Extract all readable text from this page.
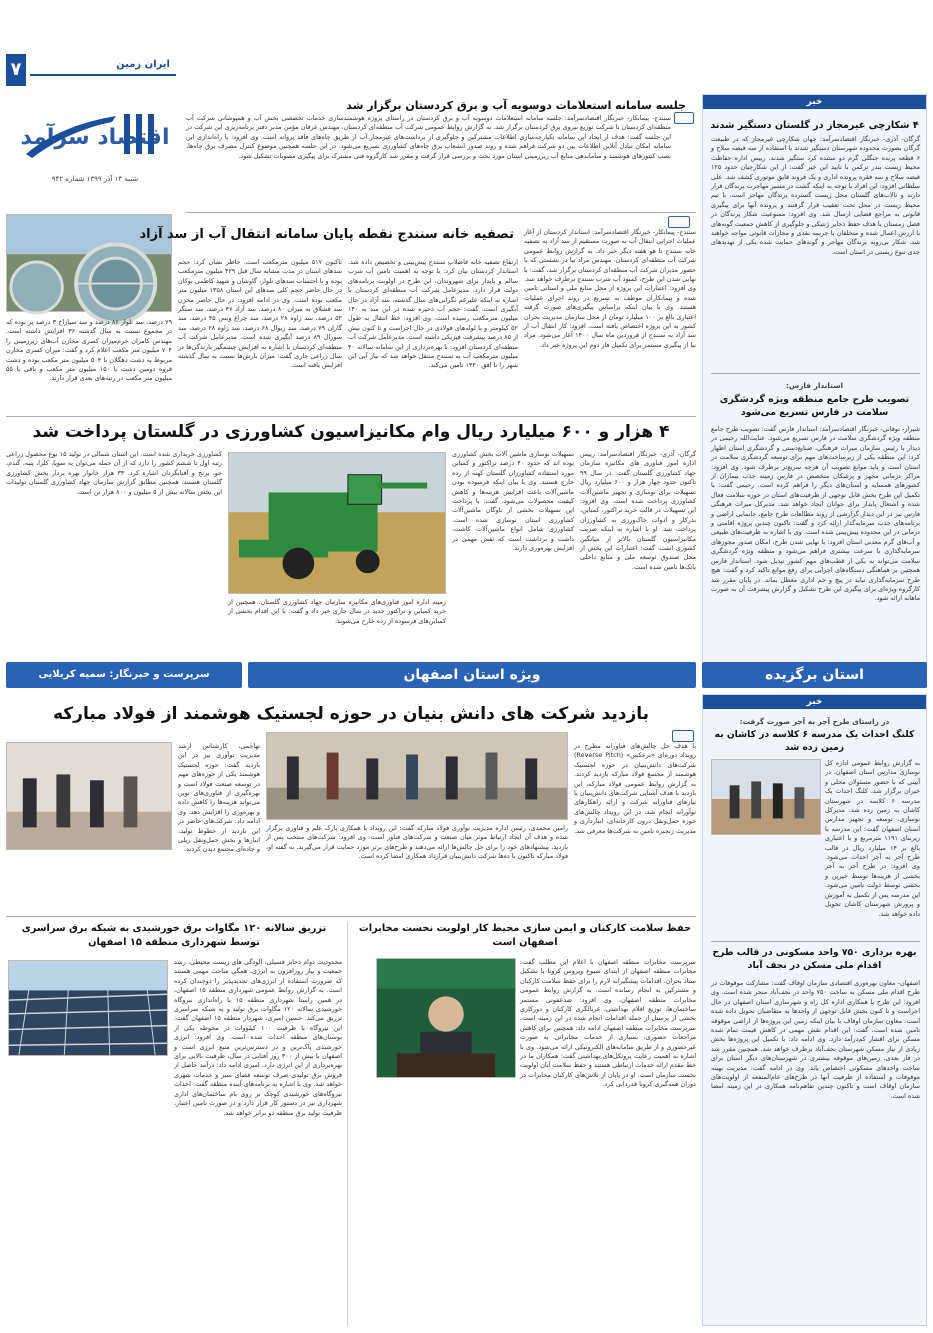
۷	ایران زمین
اقتصاد سرآمد
شنبه ۱۴ آذر ۱۳۹۹ شماره ۹۴۲
خبر
۴ شکارچی غیرمجاز در گلستان دستگیر شدند
گرگان- آذری- خبرنگار اقتصادسرآمد: جهان شکارچی غیرمجاز که در طبیعت گرگان بصورت محدوده شهرستان دستگیر شدند با استفاده از سه قبضه سلاح و ۶ قطعه پرنده جنگلی گرم دو ستنده کرد ستگیر شدند. رییس اداره حفاظت محیط زیست بندر ترکمن با تایید این خبر گفت: از این شکارچیان حدود ۱۲۵ قبضه سلاح و سه فقره پرونده اداری و یک فروند قایق موتوری کشف شد. علی سلطانی افزود: این افراد با توجه به اینکه گشت در مسیر مهاجرت پرندگان قرار دارند و تالاب‌های گلستان محل زیست گسترده پرندگان مهاجر است، با تیم محیط زیست در محل تحت تعقیب قرار گرفتند و پرونده آنها برای پیگیری قانونی به مراجع قضایی ارسال شد. وی افزود: ممنوعیت شکار پرندگان در فصل زمستان با هدف حفظ ذخایر ژنتیکی و جلوگیری از کاهش جمعیت گونه‌های با ارزش اعمال شده و متخلفان با جریمه نقدی و مجازات قانونی مواجه خواهند شد. شکار بی‌رویه پرندگان مهاجر و گونه‌های حمایت شده یکی از تهدیدهای جدی تنوع زیستی در استان است.
استاندار فارس:
تصویب طرح جامع منطقه ویژه گردشگری سلامت در فارس تسریع می‌شود
شیراز- توفانی- خبرنگار اقتصادسرآمد: استاندار فارس گفت: تصویب طرح جامع منطقه ویژه گردشگری سلامت در فارس تسریع می‌شود. عنایت‌الله رحیمی در دیدار با رئیس سازمان میراث فرهنگی، صنایع‌دستی و گردشگری استان اظهار کرد: این منطقه یکی از زیرساخت‌های مهم برای توسعه گردشگری سلامت در استان است و باید موانع تصویب آن هرچه سریع‌تر برطرف شود. وی افزود: مراکز درمانی مجهز و پزشکان متخصص در فارس زمینه جذب بیماران از کشورهای همسایه و استان‌های دیگر را فراهم کرده است. رحیمی گفت: با تکمیل این طرح بخش قابل توجهی از ظرفیت‌های استان در حوزه سلامت فعال شده و اشتغال پایدار برای جوانان ایجاد خواهد شد. مدیرکل میراث فرهنگی فارس نیز در این دیدار گزارشی از روند مطالعات طرح جامع، جانمایی اراضی و برنامه‌های جذب سرمایه‌گذار ارائه کرد و گفت: تاکنون چندین پروژه اقامتی و درمانی در این محدوده پیش‌بینی شده است. وی با اشاره به ظرفیت‌های طبیعی و آب‌های گرم معدنی استان افزود: با نهایی شدن طرح، امکان صدور مجوزهای سرمایه‌گذاری با سرعت بیشتری فراهم می‌شود و منطقه ویژه گردشگری سلامت می‌تواند به یکی از قطب‌های مهم کشور تبدیل شود. استاندار فارس همچنین بر هماهنگی دستگاه‌های اجرایی برای رفع موانع تاکید کرد و گفت: هیچ طرح سرمایه‌گذاری نباید در پیچ و خم اداری معطل بماند. در پایان مقرر شد کارگروه ویژه‌ای برای پیگیری این طرح تشکیل و گزارش پیشرفت آن به صورت ماهانه ارائه شود.
جلسه سامانه استعلامات دوسویه آب و برق کردستان برگزار شد
سنندج- پیمانکار- خبرنگار اقتصادسرآمد: جلسه سامانه استعلامات دوسویه آب و برق کردستان در راستای پروژه هوشمندسازی خدمات تخصصی بخش آب و همپوشانی شرکت آب منطقه‌ای کردستان با شرکت توزیع نیروی برق کردستان برگزار شد. به گزارش روابط عمومی شرکت آب منطقه‌ای کردستان، مهندس عرفان مؤمن مدیر دفتر برنامه‌ریزی این شرکت در این جلسه گفت: هدف از ایجاد این سامانه یکپارچه‌سازی اطلاعات مشترکین و جلوگیری از برداشت‌های غیرمجاز آب از طریق چاه‌های فاقد پروانه است. وی افزود: با راه‌اندازی این سامانه امکان تبادل آنلاین اطلاعات بین دو شرکت فراهم شده و روند صدور انشعاب برق چاه‌های کشاورزی تسریع می‌شود. در این جلسه همچنین موضوع کنترل مصرف برق چاه‌ها، نصب کنتورهای هوشمند و ساماندهی منابع آب زیرزمینی استان مورد بحث و بررسی قرار گرفت و مقرر شد کارگروه فنی مشترک برای پیگیری مصوبات تشکیل شود.
تصفیه خانه سنندج نقطه پایان سامانه انتقال آب از سد آزاد سنندج- پیمانکار- خبرنگار اقتصادسرآمد: استاندار کردستان از آغاز عملیات اجرایی انتقال آب به صورت مستقیم از سد آزاد به تصفیه خانه سنندج تا هو هفته دیگر خبر داد. به گزارش روابط عمومی شرکت آب منطقه‌ای کردستان، مهندس مراد نیا در نشستی که با حضور مدیران شرکت آب منطقه‌ای کردستان برگزار شد، گفت: با نهایی شدن این طرح، کمبود آب شرب سنندج برطرف خواهد شد. وی افزود: اعتبارات این پروژه از محل منابع ملی و استانی تامین شده و پیمانکاران موظف به تسریع در روند اجرای عملیات هستند. وی با بیان اینکه براساس پیگیری‌های صورت گرفته اعتباری بالغ بر ۱۰۰ میلیارد تومان از محل سازمان مدیریت بحران کشور به این پروژه اختصاص یافته است، افزود: کار انتقال آب از سد آزاد به سنندج از فروردین ماه سال ۱۴۰۰ آغاز می‌شود. مراد نیا از پیگیری مستمر برای تکمیل فاز دوم این پروژه خبر داد.
ارتفاع تصفیه خانه فاضلاب سنندج پیش‌بینی و تخصیص داده شد. استاندار کردستان بیان کرد: با توجه به اهمیت تامین آب شرب سالم و پایدار برای شهروندان، این طرح در اولویت برنامه‌های دولت قرار دارد. مدیرعامل شرکت آب منطقه‌ای کردستان با اشاره به اینکه علیرغم نگرانی‌های سال گذشته، سد آزاد در حال آبگیری است، گفت: حجم آب ذخیره شده در این سد به ۱۴۰ میلیون مترمکعب رسیده است. وی افزود: خط انتقال به طول ۵۲ کیلومتر و با لوله‌های فولادی در حال اجراست و تا کنون بیش از ۸۵ درصد پیشرفت فیزیکی داشته است. مدیرعامل شرکت آب منطقه‌ای کردستان افزود: با بهره‌برداری از این سامانه سالانه ۴۰ میلیون مترمکعب آب به سنندج منتقل خواهد شد که نیاز آبی این شهر را تا افق ۱۴۲۰ تامین می‌کند.
تاکنون ۵۱۷ میلیون مترمکعب است. خاطر نشان کرد: حجم سدهای استان در مدت مشابه سال قبل ۴۲۹ میلیون مترمکعب بوده و با احتساب سدهای تلوار، گاوشان و شهید کاظمی بوکان در حال حاضر حجم کلی سدهای این استان ۱۳۵۸ میلیون متر مکعب بوده است. وی در ادامه افزود: در حال حاضر مخزن سد قشلاق به میزان ۸۰ درصد، سد آزاد ۴۷ درصد، سد سنگر ۵۲ درصد، سد ژاوه ۲۸ درصد، سد چراغ ویس ۴۵ درصد، سد گاران ۷۹ درصد، سد زیوال ۶۸ درصد، سد ژاوه ۲۸ درصد، سد سورال ۸۹ درصد آبگیری شده است. مدیرعامل شرکت آب منطقه‌ای کردستان با اشاره به افزایش چشمگیر بارندگی‌ها در سال زراعی جاری گفت: میزان بارش‌ها نسبت به سال گذشته افزایش یافته است.
۷۹ درصد، سد تلوار ۸۶ درصد و سد سیازاخ ۳ درصد پر بوده که در مجموع نسبت به سال گذشته ۳۶ افزایش داشته است. مهندس کامران خرم‌میزان کسری مخازن آب‌های زیرزمینی را ۷۰۴ میلیون متر مکعب اعلام کرد و گفت: میزان کسری مخازن مربوط به دشت دهگلان با ۵۰۴ میلیون متر مکعب بوده و دشت قروه دومین دشت با ۱۵۰ میلیون متر مکعب و باقی با ۵۵ میلیون متر مکعب در رتبه‌های بعدی قرار دارند.
۴ هزار و ۶۰۰ میلیارد ریال وام مکانیزاسیون کشاورزی در گلستان پرداخت شد
گرگان- آذری- خبرنگار اقتصادسرآمد: رییس اداره امور فناوری های مکانیزه سازمان جهاد کشاورزی گلستان گفت: در سال ۹۹ تاکنون حدود چهار هزار و ۶۰۰ میلیارد ریال تسهیلات برای نوسازی و تجهیز ماشین‌آلات کشاورزی پرداخت شده است. وی افزود: این تسهیلات در قالب خرید تراکتور، کمباین، بذرکار و ادوات خاک‌ورزی به کشاورزان پرداخت شد. او با اشاره به اینکه ضریب مکانیزاسیون گلستان بالاتر از میانگین کشوری است، گفت: اعتبارات این بخش از محل صندوق توسعه ملی و منابع داخلی بانک‌ها تامین شده است.
تسهیلات نوسازی ماشین آلات بخش کشاورزی بوده اند که حدود ۴۰ درصد تراکتور و کمباین مورد استفاده کشاورزان گلستان کهنه از رده خارج هستند. وی با بیان اینکه فرسوده بودن ماشین‌آلات باعث افزایش هزینه‌ها و کاهش کیفیت محصولات می‌شود، گفت: با پرداخت این تسهیلات بخشی از ناوگان ماشین‌آلات کشاورزی استان نوسازی شده است. کشاورزی شامل انواع ماشین‌آلات کاشت، داشت و برداشت است که نقش مهمی در افزایش بهره‌وری دارند.
زمینه اداره امور فناوری‌های مکانیزه سازمان جهاد کشاورزی گلستان، همچنین از خرید کمباین و تراکتور جدید در سال جاری خبر داد و گفت: با این اقدام بخشی از کمباین‌های فرسوده از رده خارج می‌شوند.
کشاورزی خریداری شده است. این استان شمالی در تولید ۱۵ نوع محصول زراعی رتبه اول تا ششم کشور را دارد که از آن جمله می‌توان به سویا، کلزا، پنبه، گندم، جو، برنج و آفتابگردان اشاره کرد. ۳۳ هزار خانوار بهره بردار بخش کشاورزی گلستان هستند. همچنین مطابق گزارش سازمان جهاد کشاورزی گلستان تولیدات این بخش سالانه بیش از ۵ میلیون و ۸۰۰ هزار تن است.
استان برگزیده
ویژه استان اصفهان
سرپرست و خبرنگار: سمیه کربلایی
خبر
در راستای طرح آجر به آجر صورت گرفت:
کلنگ احداث یک مدرسه ۶ کلاسه در کاشان به زمین زده شد
به گزارش روابط عمومی اداره کل نوسازی مدارس استان اصفهان، در آیینی که با حضور مسئولان محلی و خیران برگزار شد، کلنگ احداث یک مدرسه ۶ کلاسه در شهرستان کاشان به زمین زده شد. مدیرکل نوسازی، توسعه و تجهیز مدارس استان اصفهان گفت: این مدرسه با زیربنای ۱۱۹۱ مترمربع و با اعتباری بالغ بر ۱۴ میلیارد ریال در قالب طرح آجر به آجر احداث می‌شود. وی افزود: در طرح آجر به آجر بخشی از هزینه‌ها توسط خیرین و بخشی توسط دولت تامین می‌شود. این مدرسه پس از تکمیل به آموزش و پرورش شهرستان کاشان تحویل داده خواهد شد.
بهره برداری ۷۵۰ واحد مسکونی در قالب طرح اقدام ملی مسکن در نجف آباد
اصفهان- معاون بهره‌وری اقتصادی سازمان اوقاف گفت: مشارکت موقوفات در طرح اقدام ملی مسکن به ساخت ۷۵۰ واحد در نجف‌آباد منجر شده است. وی افزود: این طرح با همکاری اداره کل راه و شهرسازی استان اصفهان در حال اجراست و تا کنون بخش قابل توجهی از واحدها به متقاضیان تحویل داده شده است. معاون سازمان اوقاف با بیان اینکه زمین این پروژه‌ها از اراضی موقوفه تامین شده است، گفت: این اقدام نقش مهمی در کاهش قیمت تمام شده مسکن برای اقشار کم‌درآمد دارد. وی ادامه داد: با تکمیل این پروژه‌ها بخش زیادی از نیاز مسکن شهرستان نجف‌آباد برطرف خواهد شد. همچنین مقرر شد در فاز بعدی، زمین‌های موقوفه بیشتری در شهرستان‌های دیگر استان برای ساخت واحدهای مسکونی اختصاص یابد. وی در ادامه گفت: مدیریت بهینه موقوفات و استفاده از ظرفیت آنها در طرح‌های عام‌المنفعه از اولویت‌های سازمان اوقاف است و تاکنون چندین تفاهم‌نامه همکاری در این زمینه امضا شده است.
بازدید شرکت های دانش بنیان در حوزه لجستیک هوشمند از فولاد مبارکه
با هدف حل چالش‌های فناورانه مطرح در رویداد دوره‌ای «برعکس» (Reverse Pitch) شرکت‌های دانش‌بنیان در حوزه لجستیک هوشمند از مجتمع فولاد مبارکه بازدید کردند. به گزارش روابط عمومی فولاد مبارکه، این بازدید با هدف آشنایی شرکت‌های دانش‌بنیان با نیازهای فناورانه شرکت و ارائه راهکارهای نوآورانه انجام شد. در این رویداد چالش‌های حوزه حمل‌ونقل درون کارخانه‌ای، انبارداری و مدیریت زنجیره تامین به شرکت‌ها معرفی شد.
رامین محمدی، رئیس اداره مدیریت نوآوری فولاد مبارکه گفت: این رویداد با همکاری پارک علم و فناوری برگزار شده و هدف آن ایجاد ارتباط موثر میان صنعت و شرکت‌های فناور است. وی افزود: شرکت‌های منتخب پس از بازدید، پیشنهادهای خود را برای حل چالش‌ها ارائه می‌دهند و طرح‌های برتر مورد حمایت قرار می‌گیرند. به گفته او، فولاد مبارکه تاکنون با ده‌ها شرکت دانش‌بنیان قرارداد همکاری امضا کرده است.
تهاجمی، کارشناس ارشد مدیریت نوآوری نیز در این بازدید گفت: حوزه لجستیک هوشمند یکی از حوزه‌های مهم در توسعه صنعت فولاد است و بهره‌گیری از فناوری‌های نوین می‌تواند هزینه‌ها را کاهش داده و بهره‌وری را افزایش دهد. وی ادامه داد: شرکت‌های حاضر در این بازدید از خطوط تولید، انبارها و بخش حمل‌ونقل ریلی و جاده‌ای مجتمع دیدن کردند.
تزریق سالانه ۱۲۰ مگاوات برق خورشیدی به شبکه برق سراسری توسط شهرداری منطقه ۱۵ اصفهان
محدودیت دوام ذخایر فسیلی، آلودگی های زیست محیطی، رشد جمعیت و نیاز روزافزون به انرژی، همگی مباحث مهمی هستند که ضرورت استفاده از انرژی‌های تجدیدپذیر را دوچندان کرده است. به گزارش روابط عمومی شهرداری منطقه ۱۵ اصفهان، در همین راستا شهرداری منطقه ۱۵ با راه‌اندازی نیروگاه خورشیدی سالانه ۱۲۰ مگاوات برق تولید و به شبکه سراسری تزریق می‌کند. حسین امیری، شهردار منطقه ۱۵ اصفهان گفت: این نیروگاه با ظرفیت ۱۰۰ کیلووات در محوطه یکی از بوستان‌های منطقه احداث شده است. وی افزود: انرژی خورشیدی پاک‌ترین و در دسترس‌ترین منبع انرژی است و اصفهان با بیش از ۳۰۰ روز آفتابی در سال، ظرفیت بالایی برای بهره‌برداری از این انرژی دارد. امیری ادامه داد: درآمد حاصل از فروش برق تولیدی صرف توسعه فضای سبز و خدمات شهری خواهد شد. وی با اشاره به برنامه‌های آینده منطقه گفت: احداث نیروگاه‌های خورشیدی کوچک بر روی بام ساختمان‌های اداری شهرداری نیز در دستور کار قرار دارد و در صورت تامین اعتبار، ظرفیت تولید برق منطقه دو برابر خواهد شد.
حفظ سلامت کارکنان و ایمن سازی محیط کار اولویت نخست مخابرات اصفهان است
سرپرست مخابرات منطقه اصفهان با اعلام این مطلب گفت: مخابرات منطقه اصفهان از ابتدای شیوع ویروس کرونا با تشکیل ستاد بحران، اقدامات پیشگیرانه لازم را برای حفظ سلامت کارکنان و مشترکین به انجام رسانده است. به گزارش روابط عمومی مخابرات منطقه اصفهان، وی افزود: ضدعفونی مستمر ساختمان‌ها، توزیع اقلام بهداشتی، غربالگری کارکنان و دورکاری بخشی از پرسنل از جمله اقدامات انجام شده در این زمینه است. سرپرست مخابرات منطقه اصفهان ادامه داد: همچنین برای کاهش مراجعات حضوری، بسیاری از خدمات مخابراتی به صورت غیرحضوری و از طریق سامانه‌های الکترونیکی ارائه می‌شود. وی با اشاره به اهمیت رعایت پروتکل‌های بهداشتی گفت: همکاران ما در خط مقدم ارائه خدمات ارتباطی هستند و حفظ سلامت آنان اولویت نخست سازمان است. او در پایان از تلاش‌های کارکنان مخابرات در دوران همه‌گیری کرونا قدردانی کرد.
